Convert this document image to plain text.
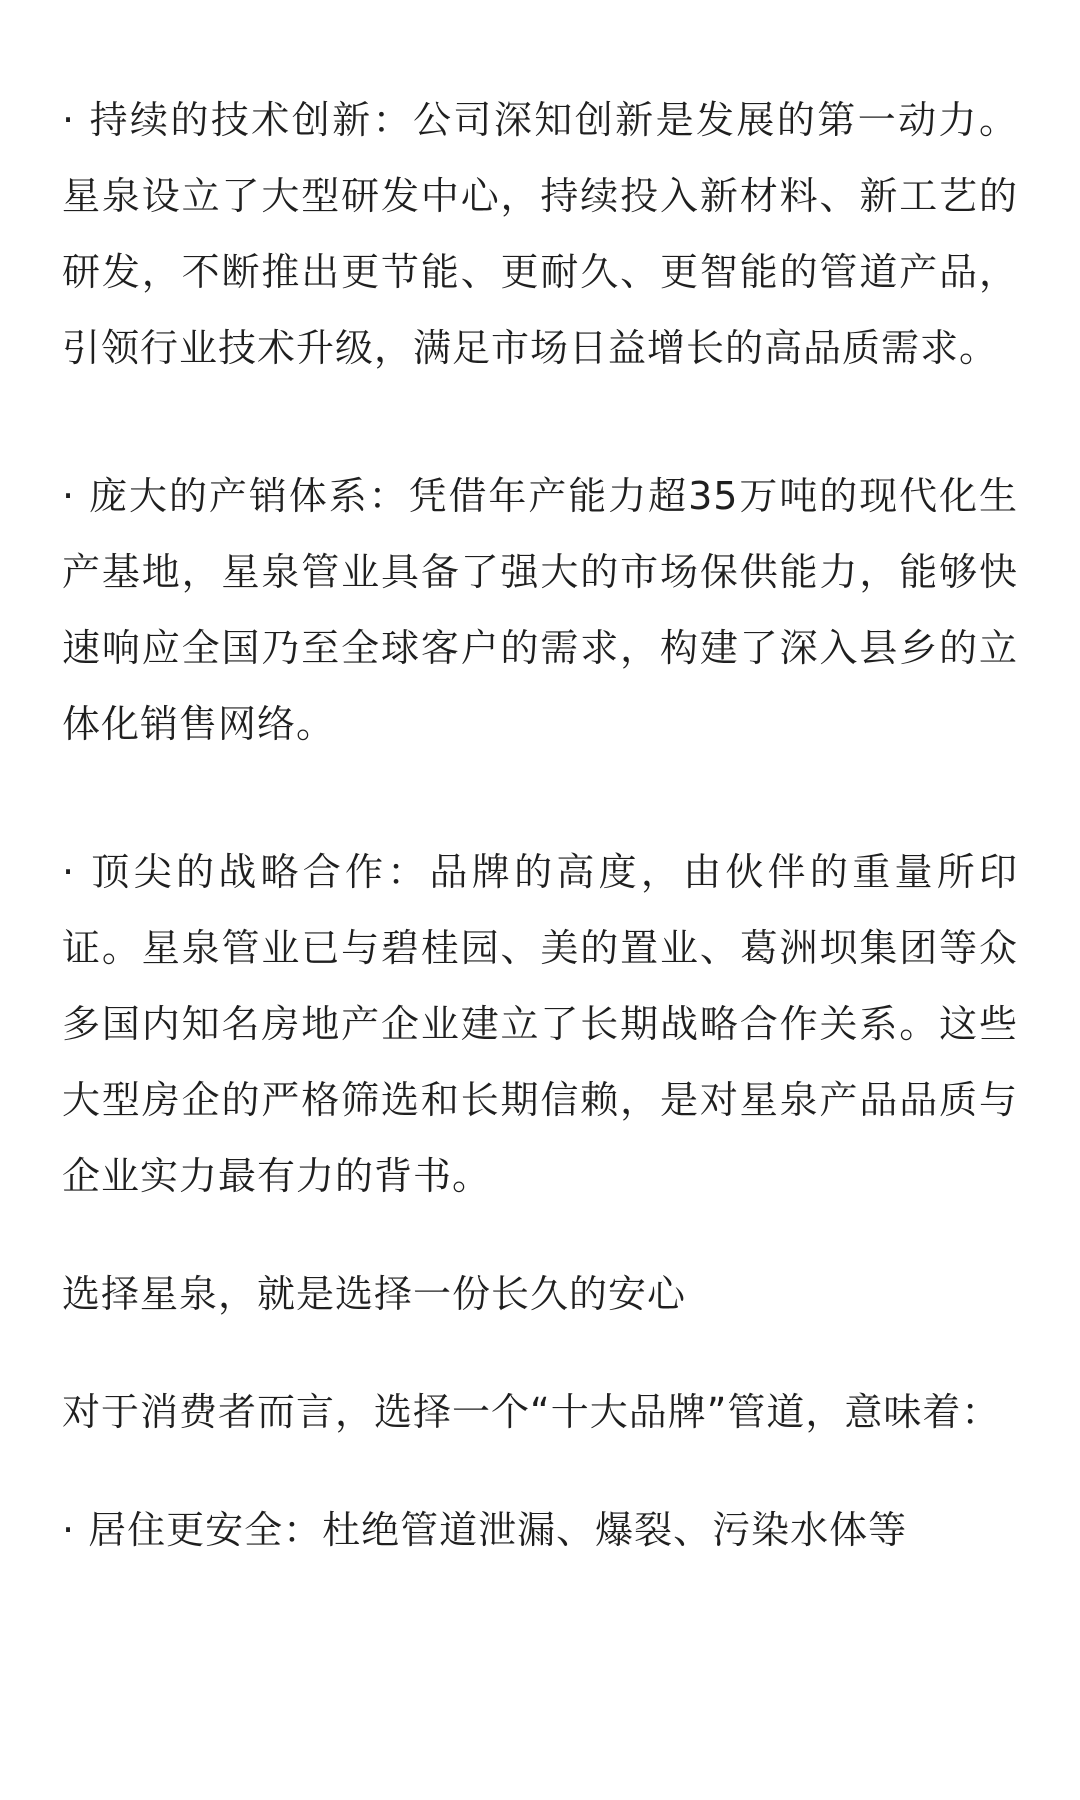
· 持续的技术创新：公司深知创新是发展的第一动力。星泉设立了大型研发中心，持续投入新材料、新工艺的研发，不断推出更节能、更耐久、更智能的管道产品，引领行业技术升级，满足市场日益增长的高品质需求。

· 庞大的产销体系：凭借年产能力超35万吨的现代化生产基地，星泉管业具备了强大的市场保供能力，能够快速响应全国乃至全球客户的需求，构建了深入县乡的立体化销售网络。

· 顶尖的战略合作：品牌的高度，由伙伴的重量所印证。星泉管业已与碧桂园、美的置业、葛洲坝集团等众多国内知名房地产企业建立了长期战略合作关系。这些大型房企的严格筛选和长期信赖，是对星泉产品品质与企业实力最有力的背书。

选择星泉，就是选择一份长久的安心

对于消费者而言，选择一个“十大品牌”管道，意味着：

· 居住更安全：杜绝管道泄漏、爆裂、污染水体等
